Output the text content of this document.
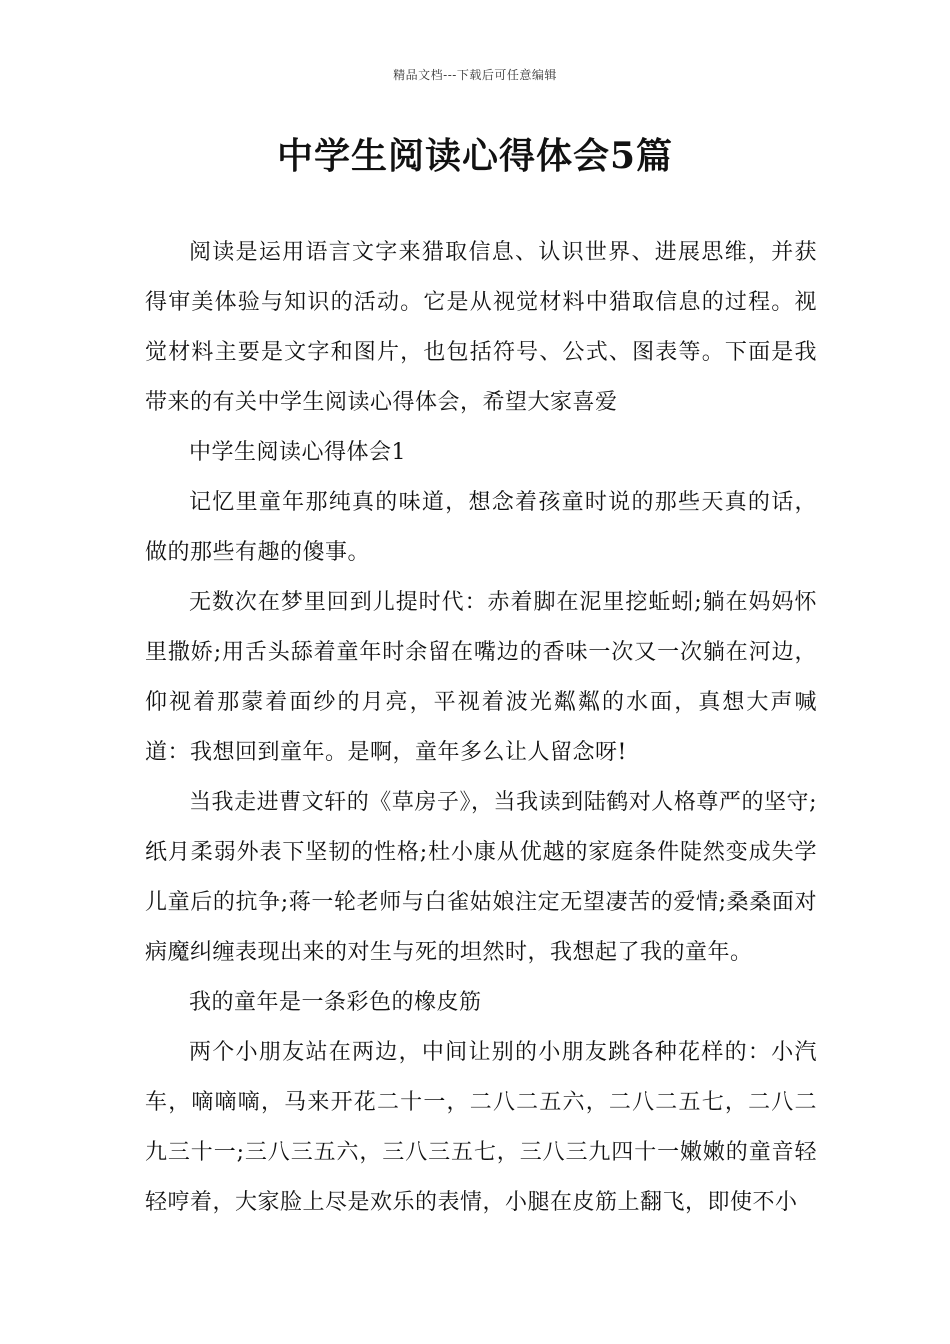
精品文档---下载后可任意编辑
中学生阅读心得体会5篇

阅读是运用语言文字来猎取信息、认识世界、进展思维，并获得审美体验与知识的活动。它是从视觉材料中猎取信息的过程。视觉材料主要是文字和图片，也包括符号、公式、图表等。下面是我带来的有关中学生阅读心得体会，希望大家喜爱

中学生阅读心得体会1

记忆里童年那纯真的味道，想念着孩童时说的那些天真的话，做的那些有趣的傻事。

无数次在梦里回到儿提时代：赤着脚在泥里挖蚯蚓;躺在妈妈怀里撒娇;用舌头舔着童年时余留在嘴边的香味一次又一次躺在河边，仰视着那蒙着面纱的月亮，平视着波光粼粼的水面，真想大声喊道：我想回到童年。是啊，童年多么让人留念呀!

当我走进曹文轩的《草房子》，当我读到陆鹤对人格尊严的坚守;纸月柔弱外表下坚韧的性格;杜小康从优越的家庭条件陡然变成失学儿童后的抗争;蒋一轮老师与白雀姑娘注定无望凄苦的爱情;桑桑面对病魔纠缠表现出来的对生与死的坦然时，我想起了我的童年。

我的童年是一条彩色的橡皮筋

两个小朋友站在两边，中间让别的小朋友跳各种花样的：小汽车，嘀嘀嘀，马来开花二十一，二八二五六，二八二五七，二八二九三十一;三八三五六，三八三五七，三八三九四十一嫩嫩的童音轻轻哼着，大家脸上尽是欢乐的表情，小腿在皮筋上翻飞，即使不小
